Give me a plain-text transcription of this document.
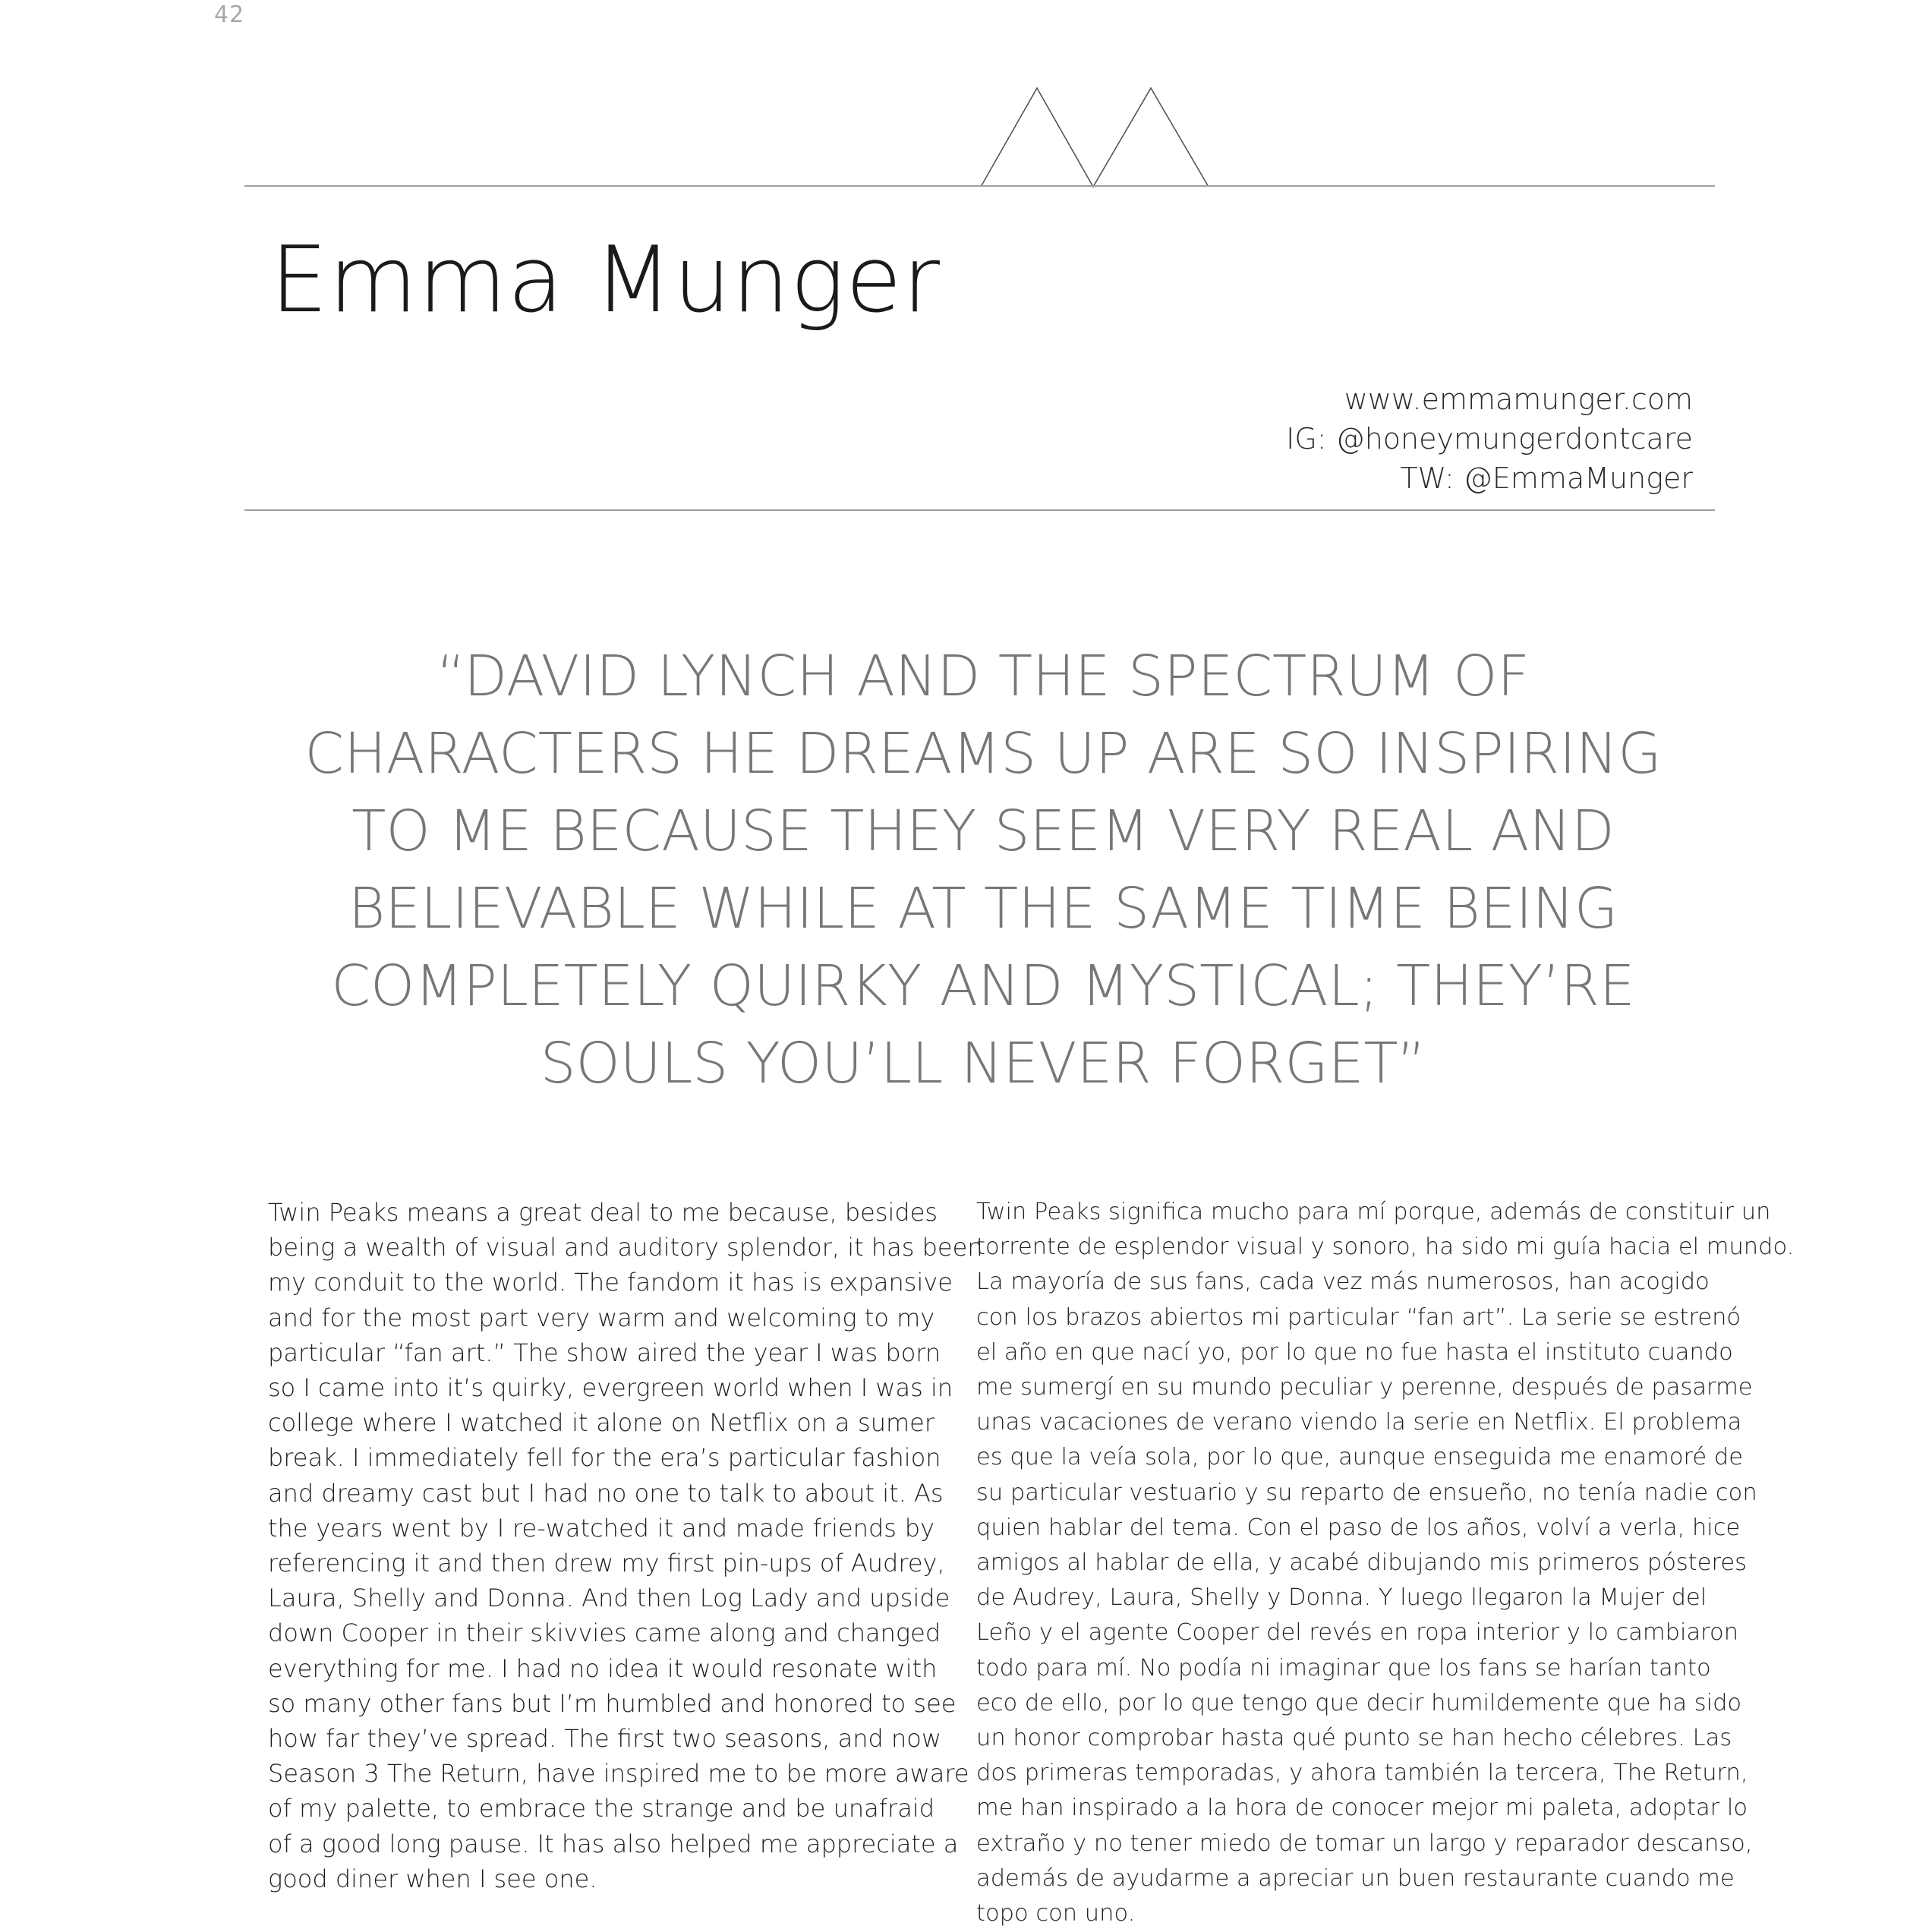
42
Emma Munger
www.emmamunger.com
IG: @honeymungerdontcare
TW: @EmmaMunger
“DAVID LYNCH AND THE SPECTRUM OF
CHARACTERS HE DREAMS UP ARE SO INSPIRING
TO ME BECAUSE THEY SEEM VERY REAL AND
BELIEVABLE WHILE AT THE SAME TIME BEING
COMPLETELY QUIRKY AND MYSTICAL; THEY’RE
SOULS YOU’LL NEVER FORGET”
Twin Peaks means a great deal to me because, besides
being a wealth of visual and auditory splendor, it has been
my conduit to the world. The fandom it has is expansive
and for the most part very warm and welcoming to my
particular “fan art.” The show aired the year I was born
so I came into it’s quirky, evergreen world when I was in
college where I watched it alone on Netflix on a sumer
break. I immediately fell for the era’s particular fashion
and dreamy cast but I had no one to talk to about it. As
the years went by I re-watched it and made friends by
referencing it and then drew my first pin-ups of Audrey,
Laura, Shelly and Donna. And then Log Lady and upside
down Cooper in their skivvies came along and changed
everything for me. I had no idea it would resonate with
so many other fans but I’m humbled and honored to see
how far they’ve spread. The first two seasons, and now
Season 3 The Return, have inspired me to be more aware
of my palette, to embrace the strange and be unafraid
of a good long pause. It has also helped me appreciate a
good diner when I see one.
Twin Peaks significa mucho para mí porque, además de constituir un
torrente de esplendor visual y sonoro, ha sido mi guía hacia el mundo.
La mayoría de sus fans, cada vez más numerosos, han acogido
con los brazos abiertos mi particular “fan art”. La serie se estrenó
el año en que nací yo, por lo que no fue hasta el instituto cuando
me sumergí en su mundo peculiar y perenne, después de pasarme
unas vacaciones de verano viendo la serie en Netflix. El problema
es que la veía sola, por lo que, aunque enseguida me enamoré de
su particular vestuario y su reparto de ensueño, no tenía nadie con
quien hablar del tema. Con el paso de los años, volví a verla, hice
amigos al hablar de ella, y acabé dibujando mis primeros pósteres
de Audrey, Laura, Shelly y Donna. Y luego llegaron la Mujer del
Leño y el agente Cooper del revés en ropa interior y lo cambiaron
todo para mí. No podía ni imaginar que los fans se harían tanto
eco de ello, por lo que tengo que decir humildemente que ha sido
un honor comprobar hasta qué punto se han hecho célebres. Las
dos primeras temporadas, y ahora también la tercera, The Return,
me han inspirado a la hora de conocer mejor mi paleta, adoptar lo
extraño y no tener miedo de tomar un largo y reparador descanso,
además de ayudarme a apreciar un buen restaurante cuando me
topo con uno.
